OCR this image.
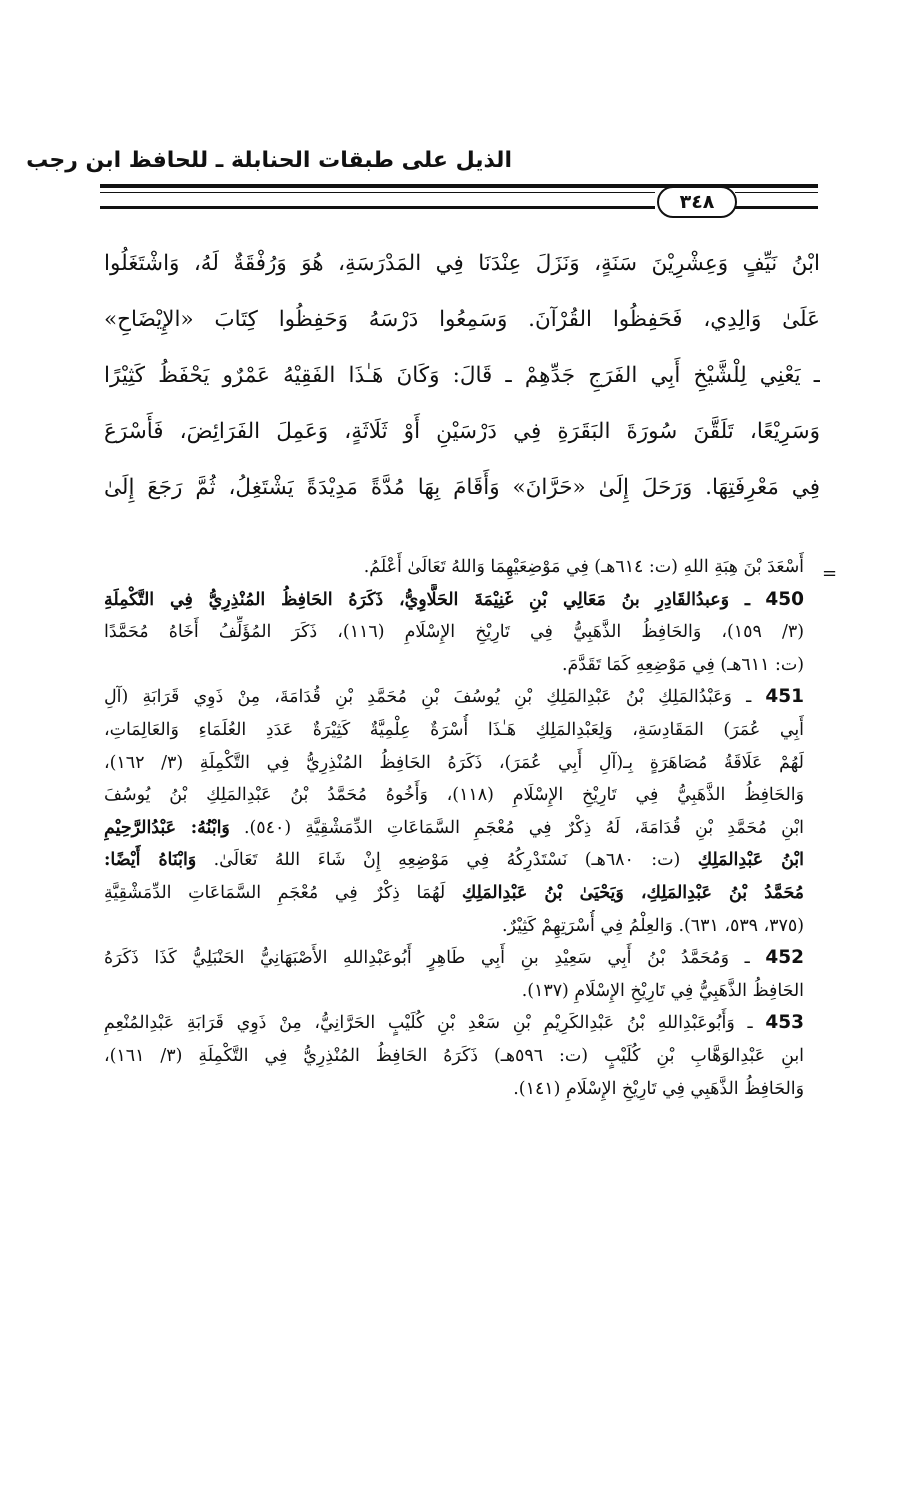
الذيل على طبقات الحنابلة ـ للحافظ ابن رجب
٣٤٨
ابْنُ نَيِّفٍ وَعِشْرِيْنَ سَنَةٍ، وَنَزَلَ عِنْدَنَا فِي المَدْرَسَةِ، هُوَ وَرُفْقَةٌ لَهُ، وَاشْتَغَلُوا
عَلَىٰ وَالِدِي، فَحَفِظُوا القُرْآنَ. وَسَمِعُوا دَرْسَهُ وَحَفِظُوا كِتَابَ «الإِيْضَاحِ»
ـ يَعْنِي لِلْشَّيْخِ أَبِي الفَرَجِ جَدِّهِمْ ـ قَالَ: وَكَانَ هَـٰذَا الفَقِيْهُ عَمْرٌو يَحْفَظُ كَثِيْرًا
وَسَرِيْعًا، تَلَقَّنَ سُورَةَ البَقَرَةِ فِي دَرْسَيْنِ أَوْ ثَلَاثَةٍ، وَعَمِلَ الفَرَائِضَ، فَأَسْرَعَ
فِي مَعْرِفَتِهَا. وَرَحَلَ إِلَىٰ «حَرَّانَ» وَأَقَامَ بِهَا مُدَّةً مَدِيْدَةً يَشْتَغِلُ، ثُمَّ رَجَعَ إِلَىٰ
=
أَسْعَدَ بْنَ هِبَةِ اللهِ (ت: ٦١٤هـ) فِي مَوْضِعَيْهِمَا وَاللهُ تَعَالَىٰ أَعْلَمُ.
450 ـ وَعبدُالقَادِرِ بنُ مَعَالِي بْنِ غَنِيْمَةَ الحَلَّاوِيُّ، ذَكَرَهُ الحَافِظُ المُنْذِرِيُّ فِي التَّكْمِلَةِ
(٣/ ١٥٩)، وَالحَافِظُ الذَّهَبِيُّ فِي تَارِيْخِ الإِسْلَامِ (١١٦)، ذَكَرَ المُؤَلِّفُ أَخَاهُ مُحَمَّدًا
(ت: ٦١١هـ) فِي مَوْضِعِهِ كَمَا تَقَدَّمَ.
451 ـ وَعَبْدُالمَلِكِ بْنُ عَبْدِالمَلِكِ بْنِ يُوسُفَ بْنِ مُحَمَّدِ بْنِ قُدَامَةَ، مِنْ ذَوِي قَرَابَةِ (آلِ
أَبِي عُمَرَ) المَقَادِسَةِ، وَلِعَبْدِالمَلِكِ هَـٰذَا أُسْرَةٌ عِلْمِيَّةٌ كَثِيْرَةٌ عَدَدِ العُلَمَاءِ وَالعَالِمَاتِ،
لَهُمْ عَلَاقَةُ مُصَاهَرَةٍ بِـ(آلِ أَبِي عُمَرَ)، ذَكَرَهُ الحَافِظُ المُنْذِرِيُّ فِي التَّكْمِلَةِ (٣/ ١٦٢)،
وَالحَافِظُ الذَّهَبِيُّ فِي تَارِيْخِ الإِسْلَامِ (١١٨)، وَأَخُوهُ مُحَمَّدُ بْنُ عَبْدِالمَلِكِ بْنُ يُوسُفَ
ابْنِ مُحَمَّدِ بْنِ قُدَامَةَ، لَهُ ذِكْرٌ فِي مُعْجَمِ السَّمَاعَاتِ الدِّمَشْقِيَّةِ (٥٤٠). وَابْنُهُ: عَبْدُالرَّحِيْمِ
ابْنُ عَبْدِالمَلِكِ (ت: ٦٨٠هـ) نَسْتَدْرِكُهُ فِي مَوْضِعِهِ إِنْ شَاءَ اللهُ تَعَالَىٰ. وَابْنَاهُ أَيْضًا:
مُحَمَّدُ بْنُ عَبْدِالمَلِكِ، وَيَحْيَىٰ بْنُ عَبْدِالمَلِكِ لَهُمَا ذِكْرٌ فِي مُعْجَمِ السَّمَاعَاتِ الدِّمَشْقِيَّةِ
(٣٧٥، ٥٣٩، ٦٣١). وَالعِلْمُ فِي أُسْرَتِهِمْ كَثِيْرٌ.
452 ـ وَمُحَمَّدُ بْنُ أَبِي سَعِيْدِ بنِ أَبِي طَاهِرٍ أَبُوعَبْدِاللهِ الأَصْبَهَانِيُّ الحَنْبَلِيُّ كَذَا ذَكَرَهُ
الحَافِظُ الذَّهَبِيُّ فِي تَارِيْخِ الإِسْلَامِ (١٣٧).
453 ـ وَأَبُوعَبْدِاللهِ بْنُ عَبْدِالكَرِيْمِ بْنِ سَعْدِ بْنِ كُلَيْبٍ الحَرَّانِيُّ، مِنْ ذَوِي قَرَابَةِ عَبْدِالمُنْعِمِ
ابنِ عَبْدِالوَهَّابِ بْنِ كُلَيْبٍ (ت: ٥٩٦هـ) ذَكَرَهُ الحَافِظُ المُنْذِرِيُّ فِي التَّكْمِلَةِ (٣/ ١٦١)،
وَالحَافِظُ الذَّهَبِي فِي تَارِيْخِ الإِسْلَامِ (١٤١).
